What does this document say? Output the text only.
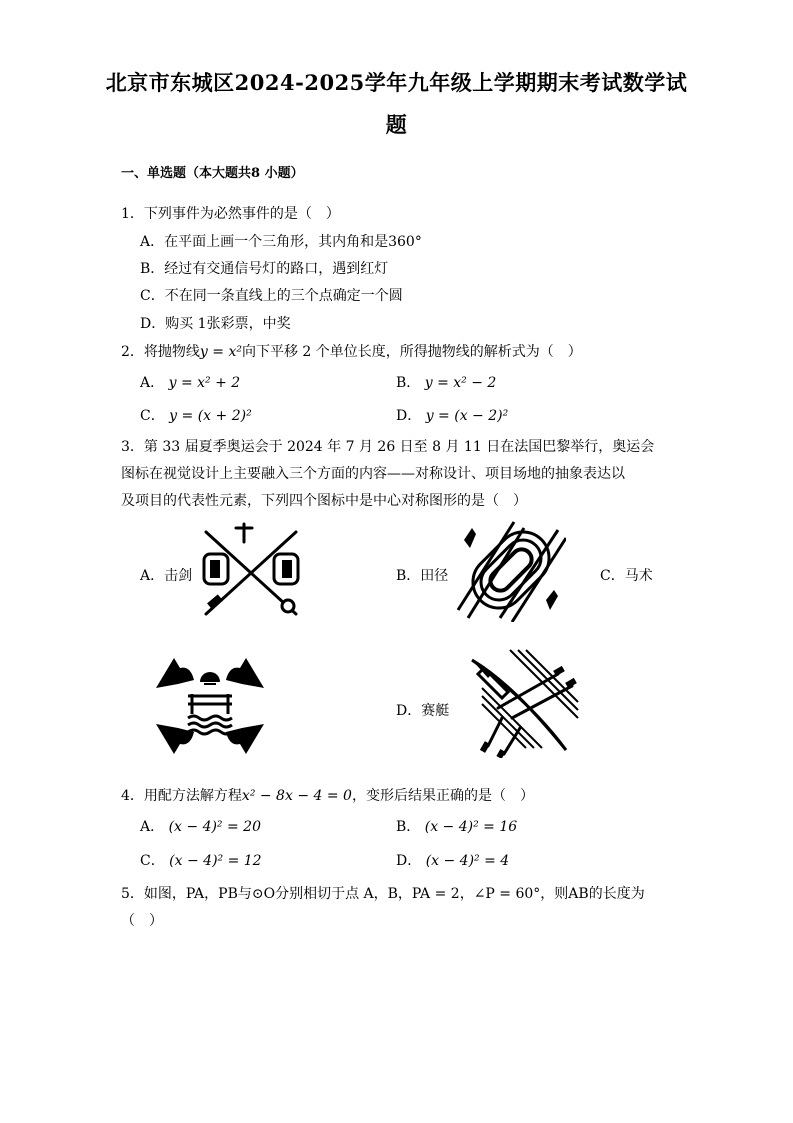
北京市东城区2024-2025学年九年级上学期期末考试数学试
题
一、单选题（本大题共8 小题）
1．下列事件为必然事件的是（　）
A．在平面上画一个三角形，其内角和是360°
B．经过有交通信号灯的路口，遇到红灯
C．不在同一条直线上的三个点确定一个圆
D．购买 1张彩票，中奖
2．将抛物线y = x²向下平移 2 个单位长度，所得抛物线的解析式为（　）
A． y = x² + 2	B． y = x² − 2
C． y = (x + 2)²	D． y = (x − 2)²
3．第 33 届夏季奥运会于 2024 年 7 月 26 日至 8 月 11 日在法国巴黎举行，奥运会
图标在视觉设计上主要融入三个方面的内容——对称设计、项目场地的抽象表达以
及项目的代表性元素，下列四个图标中是中心对称图形的是（　）
A．击剑	B．田径	C．马术
D．赛艇
4．用配方法解方程x² − 8x − 4 = 0，变形后结果正确的是（　）
A． (x − 4)² = 20	B． (x − 4)² = 16
C． (x − 4)² = 12	D． (x − 4)² = 4
5．如图，PA，PB与⊙O分别相切于点 A，B，PA = 2，∠P = 60°，则AB的长度为
（　）
